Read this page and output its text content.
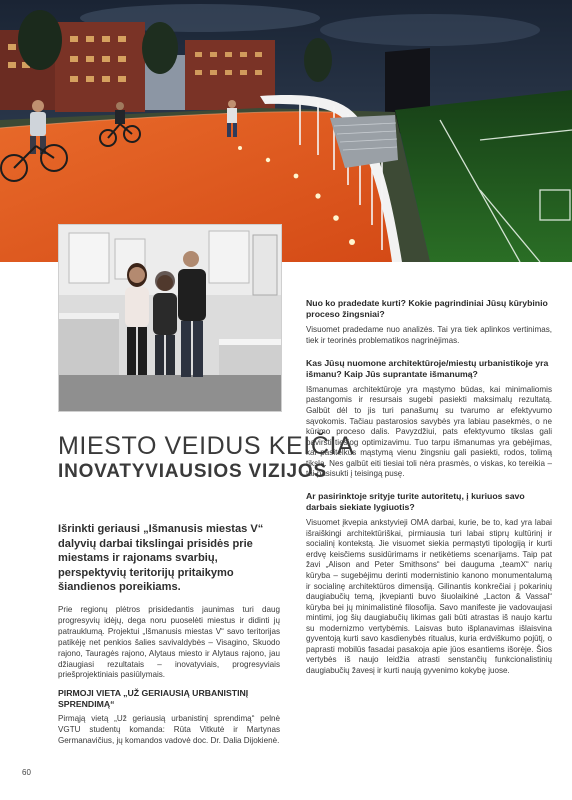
MIESTO VEIDUS KEIČIA
INOVATYVIAUSIOS VIZIJOS

Išrinkti geriausi „Išmanusis miestas V“ dalyvių darbai tikslingai prisidės prie miestams ir rajonams svarbių, perspektyvių teritorijų pritaikymo šiandienos poreikiams.

Prie regionų plėtros prisidedantis jaunimas turi daug progresyvių idėjų, dega noru puoselėti miestus ir didinti jų patrauklumą. Projektui „Išmanusis miestas V“ savo teritorijas patikėję net penkios šalies savivaldybės – Visagino, Skuodo rajono, Tauragės rajono, Alytaus miesto ir Alytaus rajono, jau džiaugiasi rezultatais – inovatyviais, progresyviais priešprojektiniais pasiūlymais.

PIRMOJI VIETA „UŽ GERIAUSIĄ URBANISTINĮ SPRENDIMĄ“

Pirmąją vietą „Už geriausią urbanistinį sprendimą“ pelnė VGTU studentų komanda: Rūta Vitkutė ir Martynas Germanavičius, jų komandos vadovė doc. Dr. Dalia Dijokienė.

Nuo ko pradedate kurti? Kokie pagrindiniai Jūsų kūrybinio proceso žingsniai?

Visuomet pradedame nuo analizės. Tai yra tiek aplinkos vertinimas, tiek ir teorinės problematikos nagrinėjimas.

Kas Jūsų nuomone architektūroje/miestų urbanistikoje yra išmanu? Kaip Jūs suprantate išmanumą?

Išmanumas architektūroje yra mąstymo būdas, kai minimaliomis pastangomis ir resursais sugebi pasiekti maksimalų rezultatą. Galbūt dėl to jis turi panašumų su tvarumo ar efektyvumo sąvokomis. Tačiau pastarosios savybės yra labiau pasekmės, o ne kūrimo proceso dalis. Pavyzdžiui, pats efektyvumo tikslas gali pavirsti tiesiog optimizavimu. Tuo tarpu išmanumas yra gebėjimas, kai pasitelkus mąstymą vienu žingsniu gali pasiekti, rodos, tolimą tikslą. Nes galbūt eiti tiesiai toli nėra prasmės, o viskas, ko tereikia – tai pasisukti į teisingą pusę.

Ar pasirinktoje srityje turite autoritetų, į kuriuos savo darbais siekiate lygiuotis?

Visuomet įkvepia ankstyvieji OMA darbai, kurie, be to, kad yra labai išraiškingi architektūriškai, pirmiausia turi labai stiprų kultūrinį ir socialinį kontekstą. Jie visuomet siekia permąstyti tipologiją ir kurti erdvę keisčiems susidūrimams ir netikėtiems scenarijams. Taip pat žavi „Alison and Peter Smithsons“ bei dauguma „teamX“ narių kūryba – sugebėjimu derinti modernistinio kanono monumentalumą ir socialinę architektūros dimensiją. Gilinantis konkrečiai į pokarinių daugiabučių temą, įkvepianti buvo šiuolaikinė „Lacton & Vassal“ kūryba bei jų minimalistinė filosofija. Savo manifeste jie vadovaujasi mintimi, jog šių daugiabučių likimas gali būti atrastas iš naujo kartu su modernizmo vertybėmis. Laisvas buto išplanavimas išlaisvina gyventoją kurti savo kasdienybės ritualus, kuria erdviškumo pojūtį, o paprasti mobilūs fasadai pasakoja apie jūos esantiems išorėje. Šios vertybės iš naujo leidžia atrasti senstančių funkcionalistinių daugiabučių žavesį ir kurti naują gyvenimo kokybę juose.

60
